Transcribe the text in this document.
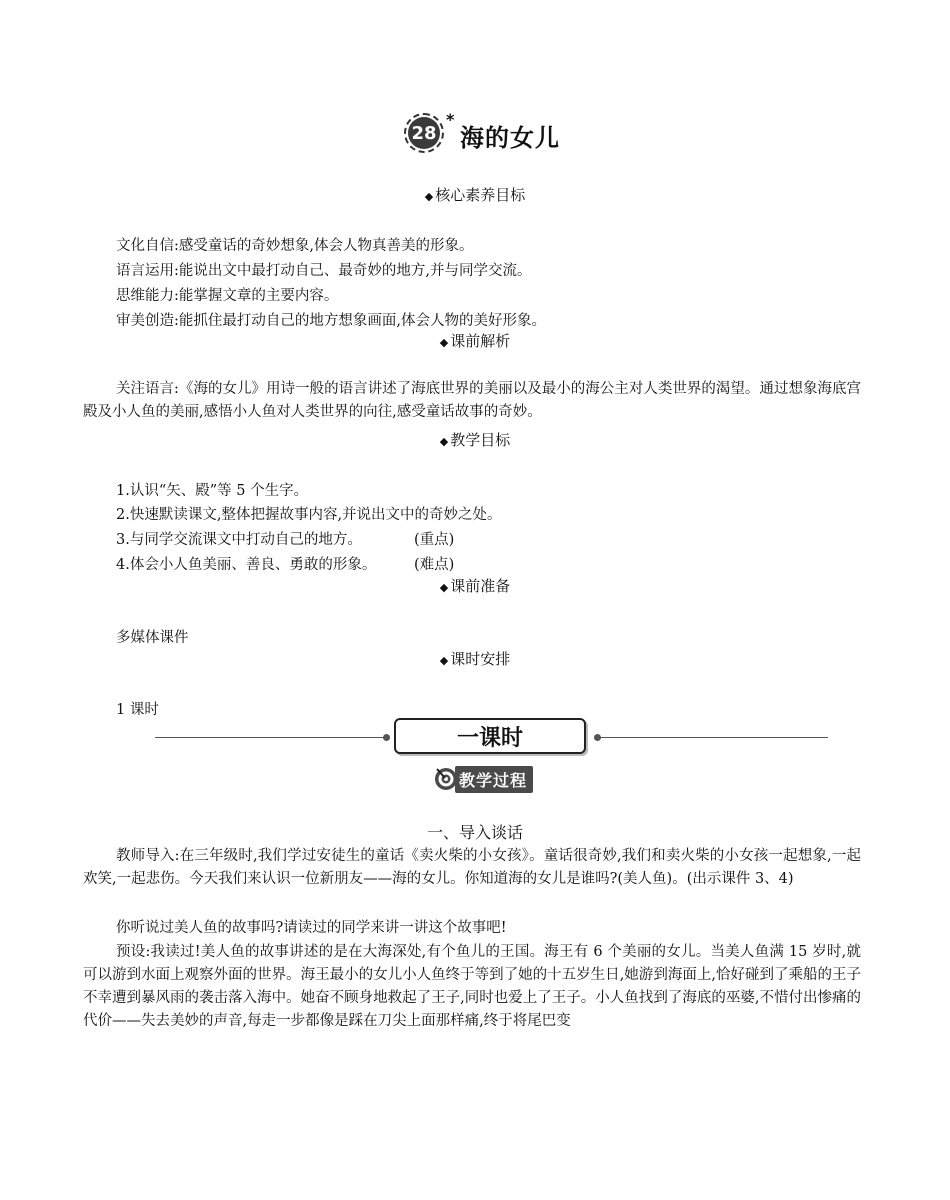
28
*
海的女儿
◆ 核心素养目标
文化自信:感受童话的奇妙想象,体会人物真善美的形象。
语言运用:能说出文中最打动自己、最奇妙的地方,并与同学交流。
思维能力:能掌握文章的主要内容。
审美创造:能抓住最打动自己的地方想象画面,体会人物的美好形象。
◆ 课前解析
关注语言:《海的女儿》用诗一般的语言讲述了海底世界的美丽以及最小的海公主对人类世界的渴望。通过想象海底宫殿及小人鱼的美丽,感悟小人鱼对人类世界的向往,感受童话故事的奇妙。
◆ 教学目标
1.认识“矢、殿”等 5 个生字。
2.快速默读课文,整体把握故事内容,并说出文中的奇妙之处。
3.与同学交流课文中打动自己的地方。	(重点)
4.体会小人鱼美丽、善良、勇敢的形象。	(难点)
◆ 课前准备
多媒体课件
◆ 课时安排
1 课时
一课时
教学过程
一、导入谈话
教师导入:在三年级时,我们学过安徒生的童话《卖火柴的小女孩》。童话很奇妙,我们和卖火柴的小女孩一起想象,一起欢笑,一起悲伤。今天我们来认识一位新朋友——海的女儿。你知道海的女儿是谁吗?(美人鱼)。(出示课件 3、4)
你听说过美人鱼的故事吗?请读过的同学来讲一讲这个故事吧!
预设:我读过!美人鱼的故事讲述的是在大海深处,有个鱼儿的王国。海王有 6 个美丽的女儿。当美人鱼满 15 岁时,就可以游到水面上观察外面的世界。海王最小的女儿小人鱼终于等到了她的十五岁生日,她游到海面上,恰好碰到了乘船的王子不幸遭到暴风雨的袭击落入海中。她奋不顾身地救起了王子,同时也爱上了王子。小人鱼找到了海底的巫婆,不惜付出惨痛的代价——失去美妙的声音,每走一步都像是踩在刀尖上面那样痛,终于将尾巴变
